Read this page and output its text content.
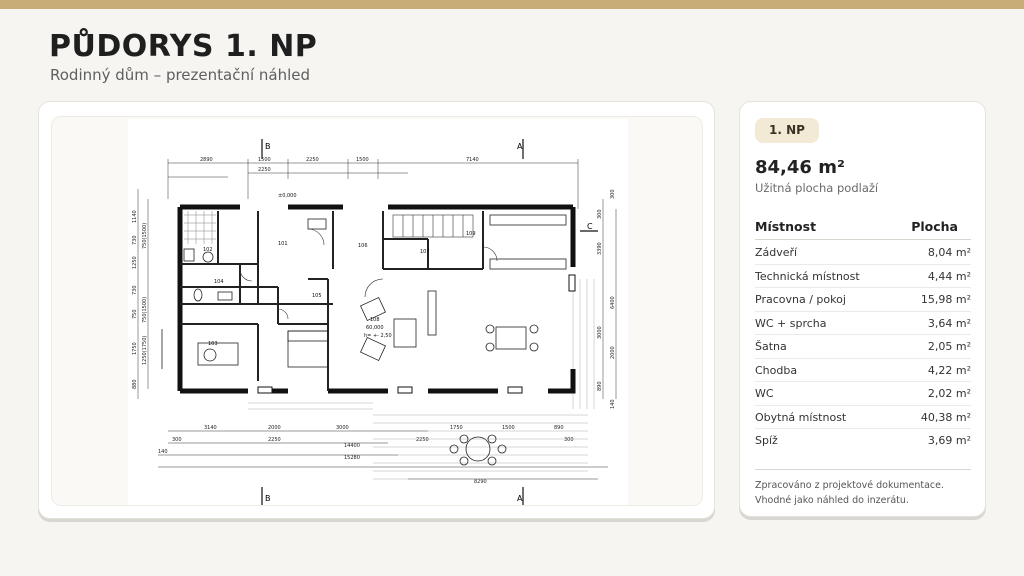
PŮDORYS 1. NP
Rodinný dům – prezentační náhled
B	A
B	A
C
2890	1500	2250	1500	7140
2250
3140	2000	3000	1750	1500	890
300	2250
14400
2250
140
15280
8290
300
1140
730 750(1500)
1250
730
750(1500)
750
1750 1250(1750)
880
300
3390
6400
3000
2000
890
140
300
101
102
103
104
105
106
107
108
109
60,000
h= +- 2,50
±0,000
1. NP
84,46 m²
Užitná plocha podlaží
Místnost	Plocha
Zádveří	8,04 m²
Technická místnost	4,44 m²
Pracovna / pokoj	15,98 m²
WC + sprcha	3,64 m²
Šatna	2,05 m²
Chodba	4,22 m²
WC	2,02 m²
Obytná místnost	40,38 m²
Spíž	3,69 m²
Zpracováno z projektové dokumentace.
Vhodné jako náhled do inzerátu.
